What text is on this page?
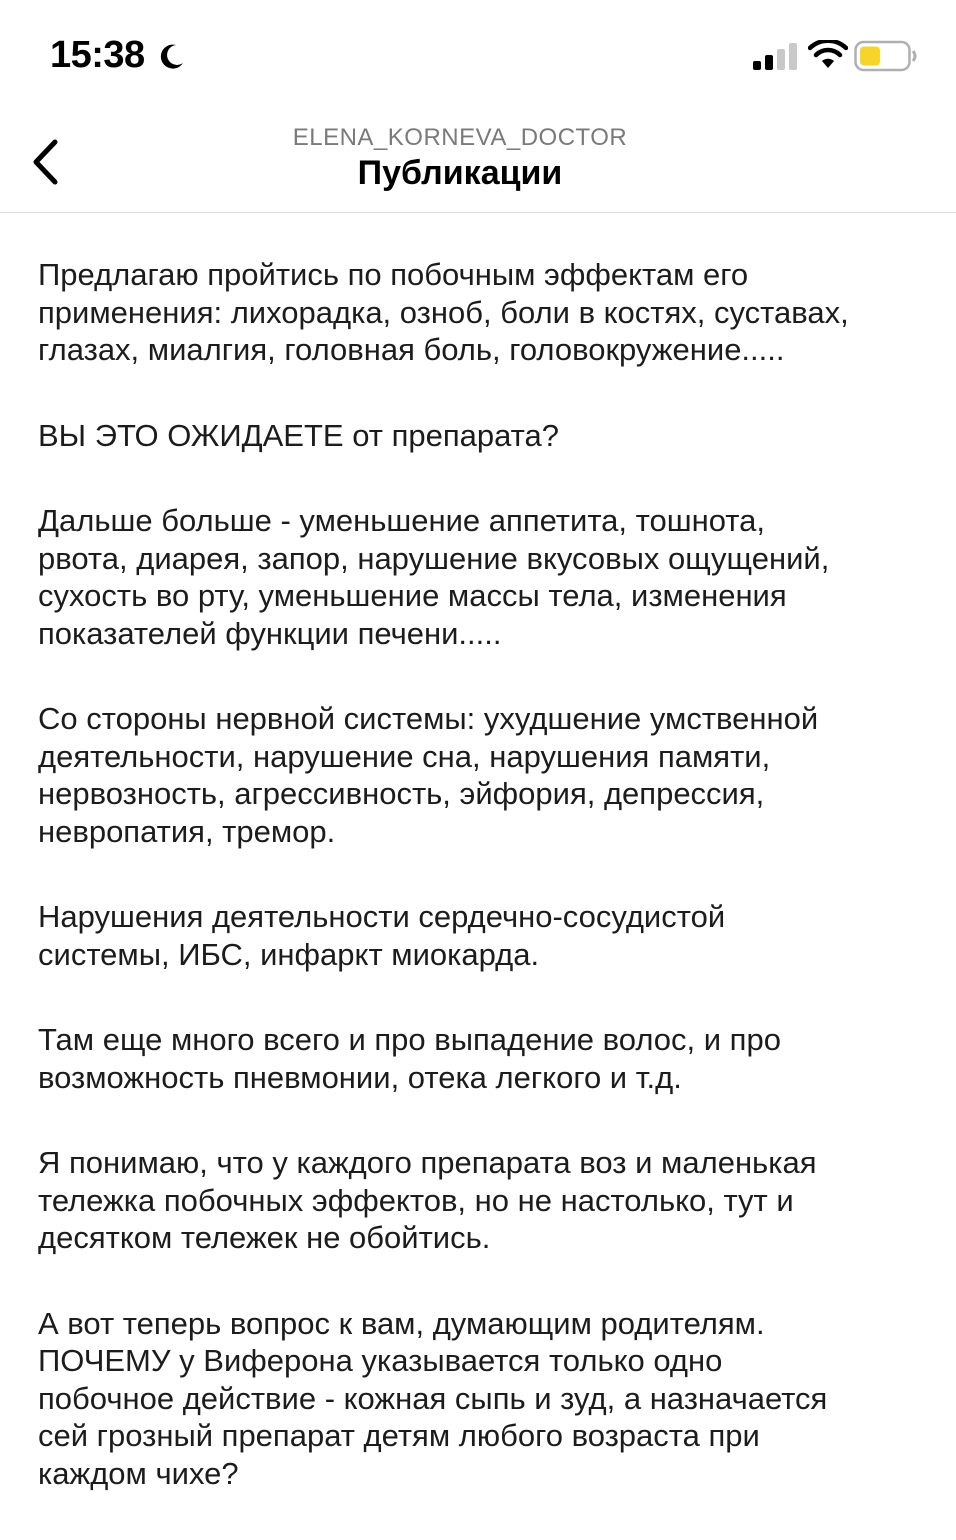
15:38
ELENA_KORNEVA_DOCTOR
Публикации

Предлагаю пройтись по побочным эффектам его
применения: лихорадка, озноб, боли в костях, суставах,
глазах, миалгия, головная боль, головокружение.....

ВЫ ЭТО ОЖИДАЕТЕ от препарата?

Дальше больше - уменьшение аппетита, тошнота,
рвота, диарея, запор, нарушение вкусовых ощущений,
сухость во рту, уменьшение массы тела, изменения
показателей функции печени.....

Со стороны нервной системы: ухудшение умственной
деятельности, нарушение сна, нарушения памяти,
нервозность, агрессивность, эйфория, депрессия,
невропатия, тремор.

Нарушения деятельности сердечно-сосудистой
системы, ИБС, инфаркт миокарда.

Там еще много всего и про выпадение волос, и про
возможность пневмонии, отека легкого и т.д.

Я понимаю, что у каждого препарата воз и маленькая
тележка побочных эффектов, но не настолько, тут и
десятком тележек не обойтись.

А вот теперь вопрос к вам, думающим родителям.
ПОЧЕМУ у Виферона указывается только одно
побочное действие - кожная сыпь и зуд, а назначается
сей грозный препарат детям любого возраста при
каждом чихе?
